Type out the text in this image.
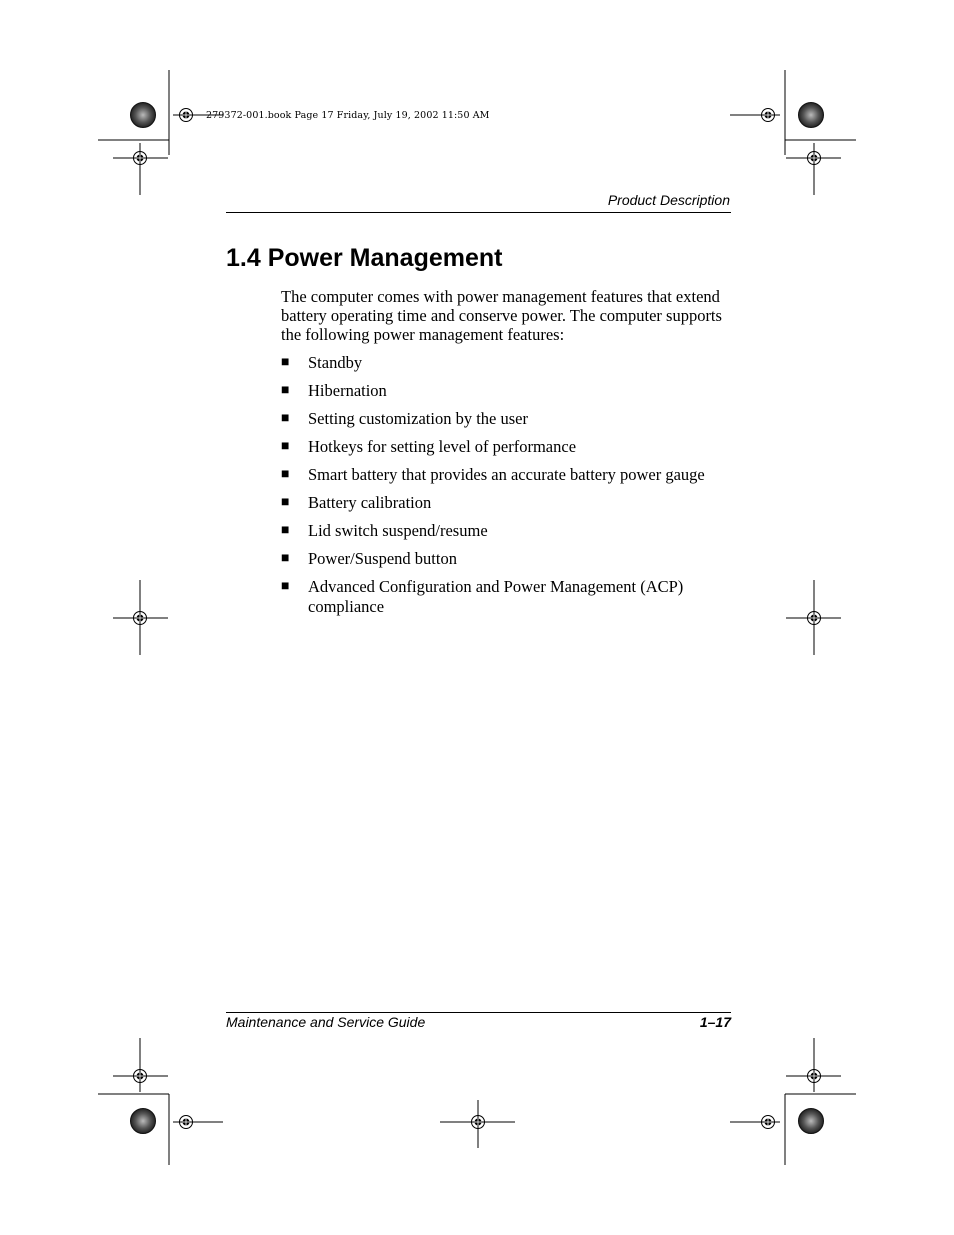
279372-001.book Page 17 Friday, July 19, 2002 11:50 AM
Product Description
1.4 Power Management

The computer comes with power management features that extend battery operating time and conserve power. The computer supports the following power management features:

■	Standby
■	Hibernation
■	Setting customization by the user
■	Hotkeys for setting level of performance
■	Smart battery that provides an accurate battery power gauge
■	Battery calibration
■	Lid switch suspend/resume
■	Power/Suspend button
■	Advanced Configuration and Power Management (ACP) compliance
Maintenance and Service Guide	1–17
